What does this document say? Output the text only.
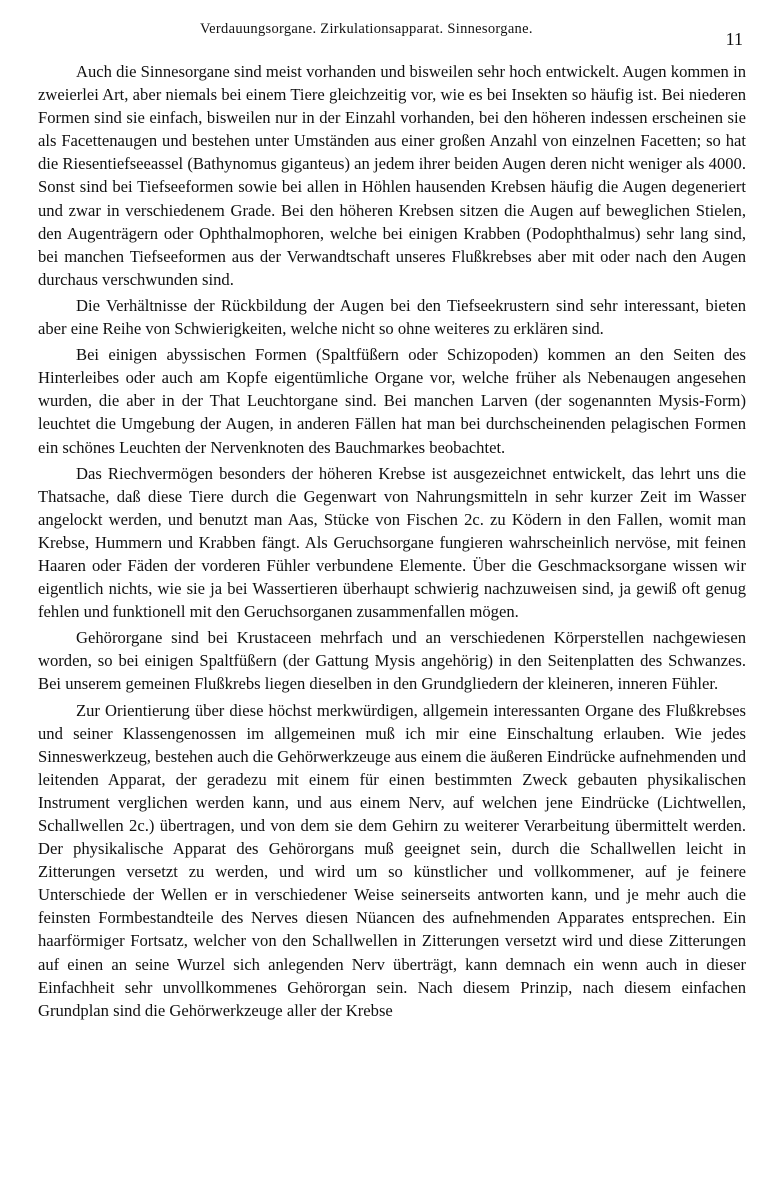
Verdauungsorgane. Zirkulationsapparat. Sinnesorgane.	11

Auch die Sinnesorgane sind meist vorhanden und bisweilen sehr hoch entwickelt. Augen kommen in zweierlei Art, aber niemals bei einem Tiere gleichzeitig vor, wie es bei Insekten so häufig ist. Bei niederen Formen sind sie einfach, bisweilen nur in der Einzahl vorhanden, bei den höheren indessen erscheinen sie als Facettenaugen und bestehen unter Umständen aus einer großen Anzahl von einzelnen Facetten; so hat die Riesentiefseeassel (Bathynomus giganteus) an jedem ihrer beiden Augen deren nicht weniger als 4000. Sonst sind bei Tiefseeformen sowie bei allen in Höhlen hausenden Krebsen häufig die Augen degeneriert und zwar in verschiedenem Grade. Bei den höheren Krebsen sitzen die Augen auf beweglichen Stielen, den Augenträgern oder Ophthalmophoren, welche bei einigen Krabben (Podophthalmus) sehr lang sind, bei manchen Tiefseeformen aus der Verwandtschaft unseres Flußkrebses aber mit oder nach den Augen durchaus verschwunden sind.

Die Verhältnisse der Rückbildung der Augen bei den Tiefseekrustern sind sehr interessant, bieten aber eine Reihe von Schwierigkeiten, welche nicht so ohne weiteres zu erklären sind.

Bei einigen abyssischen Formen (Spaltfüßern oder Schizopoden) kommen an den Seiten des Hinterleibes oder auch am Kopfe eigentümliche Organe vor, welche früher als Nebenaugen angesehen wurden, die aber in der That Leuchtorgane sind. Bei manchen Larven (der sogenannten Mysis-Form) leuchtet die Umgebung der Augen, in anderen Fällen hat man bei durchscheinenden pelagischen Formen ein schönes Leuchten der Nervenknoten des Bauchmarkes beobachtet.

Das Riechvermögen besonders der höheren Krebse ist ausgezeichnet entwickelt, das lehrt uns die Thatsache, daß diese Tiere durch die Gegenwart von Nahrungsmitteln in sehr kurzer Zeit im Wasser angelockt werden, und benutzt man Aas, Stücke von Fischen 2c. zu Ködern in den Fallen, womit man Krebse, Hummern und Krabben fängt. Als Geruchsorgane fungieren wahrscheinlich nervöse, mit feinen Haaren oder Fäden der vorderen Fühler verbundene Elemente. Über die Geschmacksorgane wissen wir eigentlich nichts, wie sie ja bei Wassertieren überhaupt schwierig nachzuweisen sind, ja gewiß oft genug fehlen und funktionell mit den Geruchsorganen zusammenfallen mögen.

Gehörorgane sind bei Krustaceen mehrfach und an verschiedenen Körperstellen nachgewiesen worden, so bei einigen Spaltfüßern (der Gattung Mysis angehörig) in den Seitenplatten des Schwanzes. Bei unserem gemeinen Flußkrebs liegen dieselben in den Grundgliedern der kleineren, inneren Fühler.

Zur Orientierung über diese höchst merkwürdigen, allgemein interessanten Organe des Flußkrebses und seiner Klassengenossen im allgemeinen muß ich mir eine Einschaltung erlauben. Wie jedes Sinneswerkzeug, bestehen auch die Gehörwerkzeuge aus einem die äußeren Eindrücke aufnehmenden und leitenden Apparat, der geradezu mit einem für einen bestimmten Zweck gebauten physikalischen Instrument verglichen werden kann, und aus einem Nerv, auf welchen jene Eindrücke (Lichtwellen, Schallwellen 2c.) übertragen, und von dem sie dem Gehirn zu weiterer Verarbeitung übermittelt werden. Der physikalische Apparat des Gehörorgans muß geeignet sein, durch die Schallwellen leicht in Zitterungen versetzt zu werden, und wird um so künstlicher und vollkommener, auf je feinere Unterschiede der Wellen er in verschiedener Weise seinerseits antworten kann, und je mehr auch die feinsten Formbestandteile des Nerves diesen Nüancen des aufnehmenden Apparates entsprechen. Ein haarförmiger Fortsatz, welcher von den Schallwellen in Zitterungen versetzt wird und diese Zitterungen auf einen an seine Wurzel sich anlegenden Nerv überträgt, kann demnach ein wenn auch in dieser Einfachheit sehr unvollkommenes Gehörorgan sein. Nach diesem Prinzip, nach diesem einfachen Grundplan sind die Gehörwerkzeuge aller der Krebse
